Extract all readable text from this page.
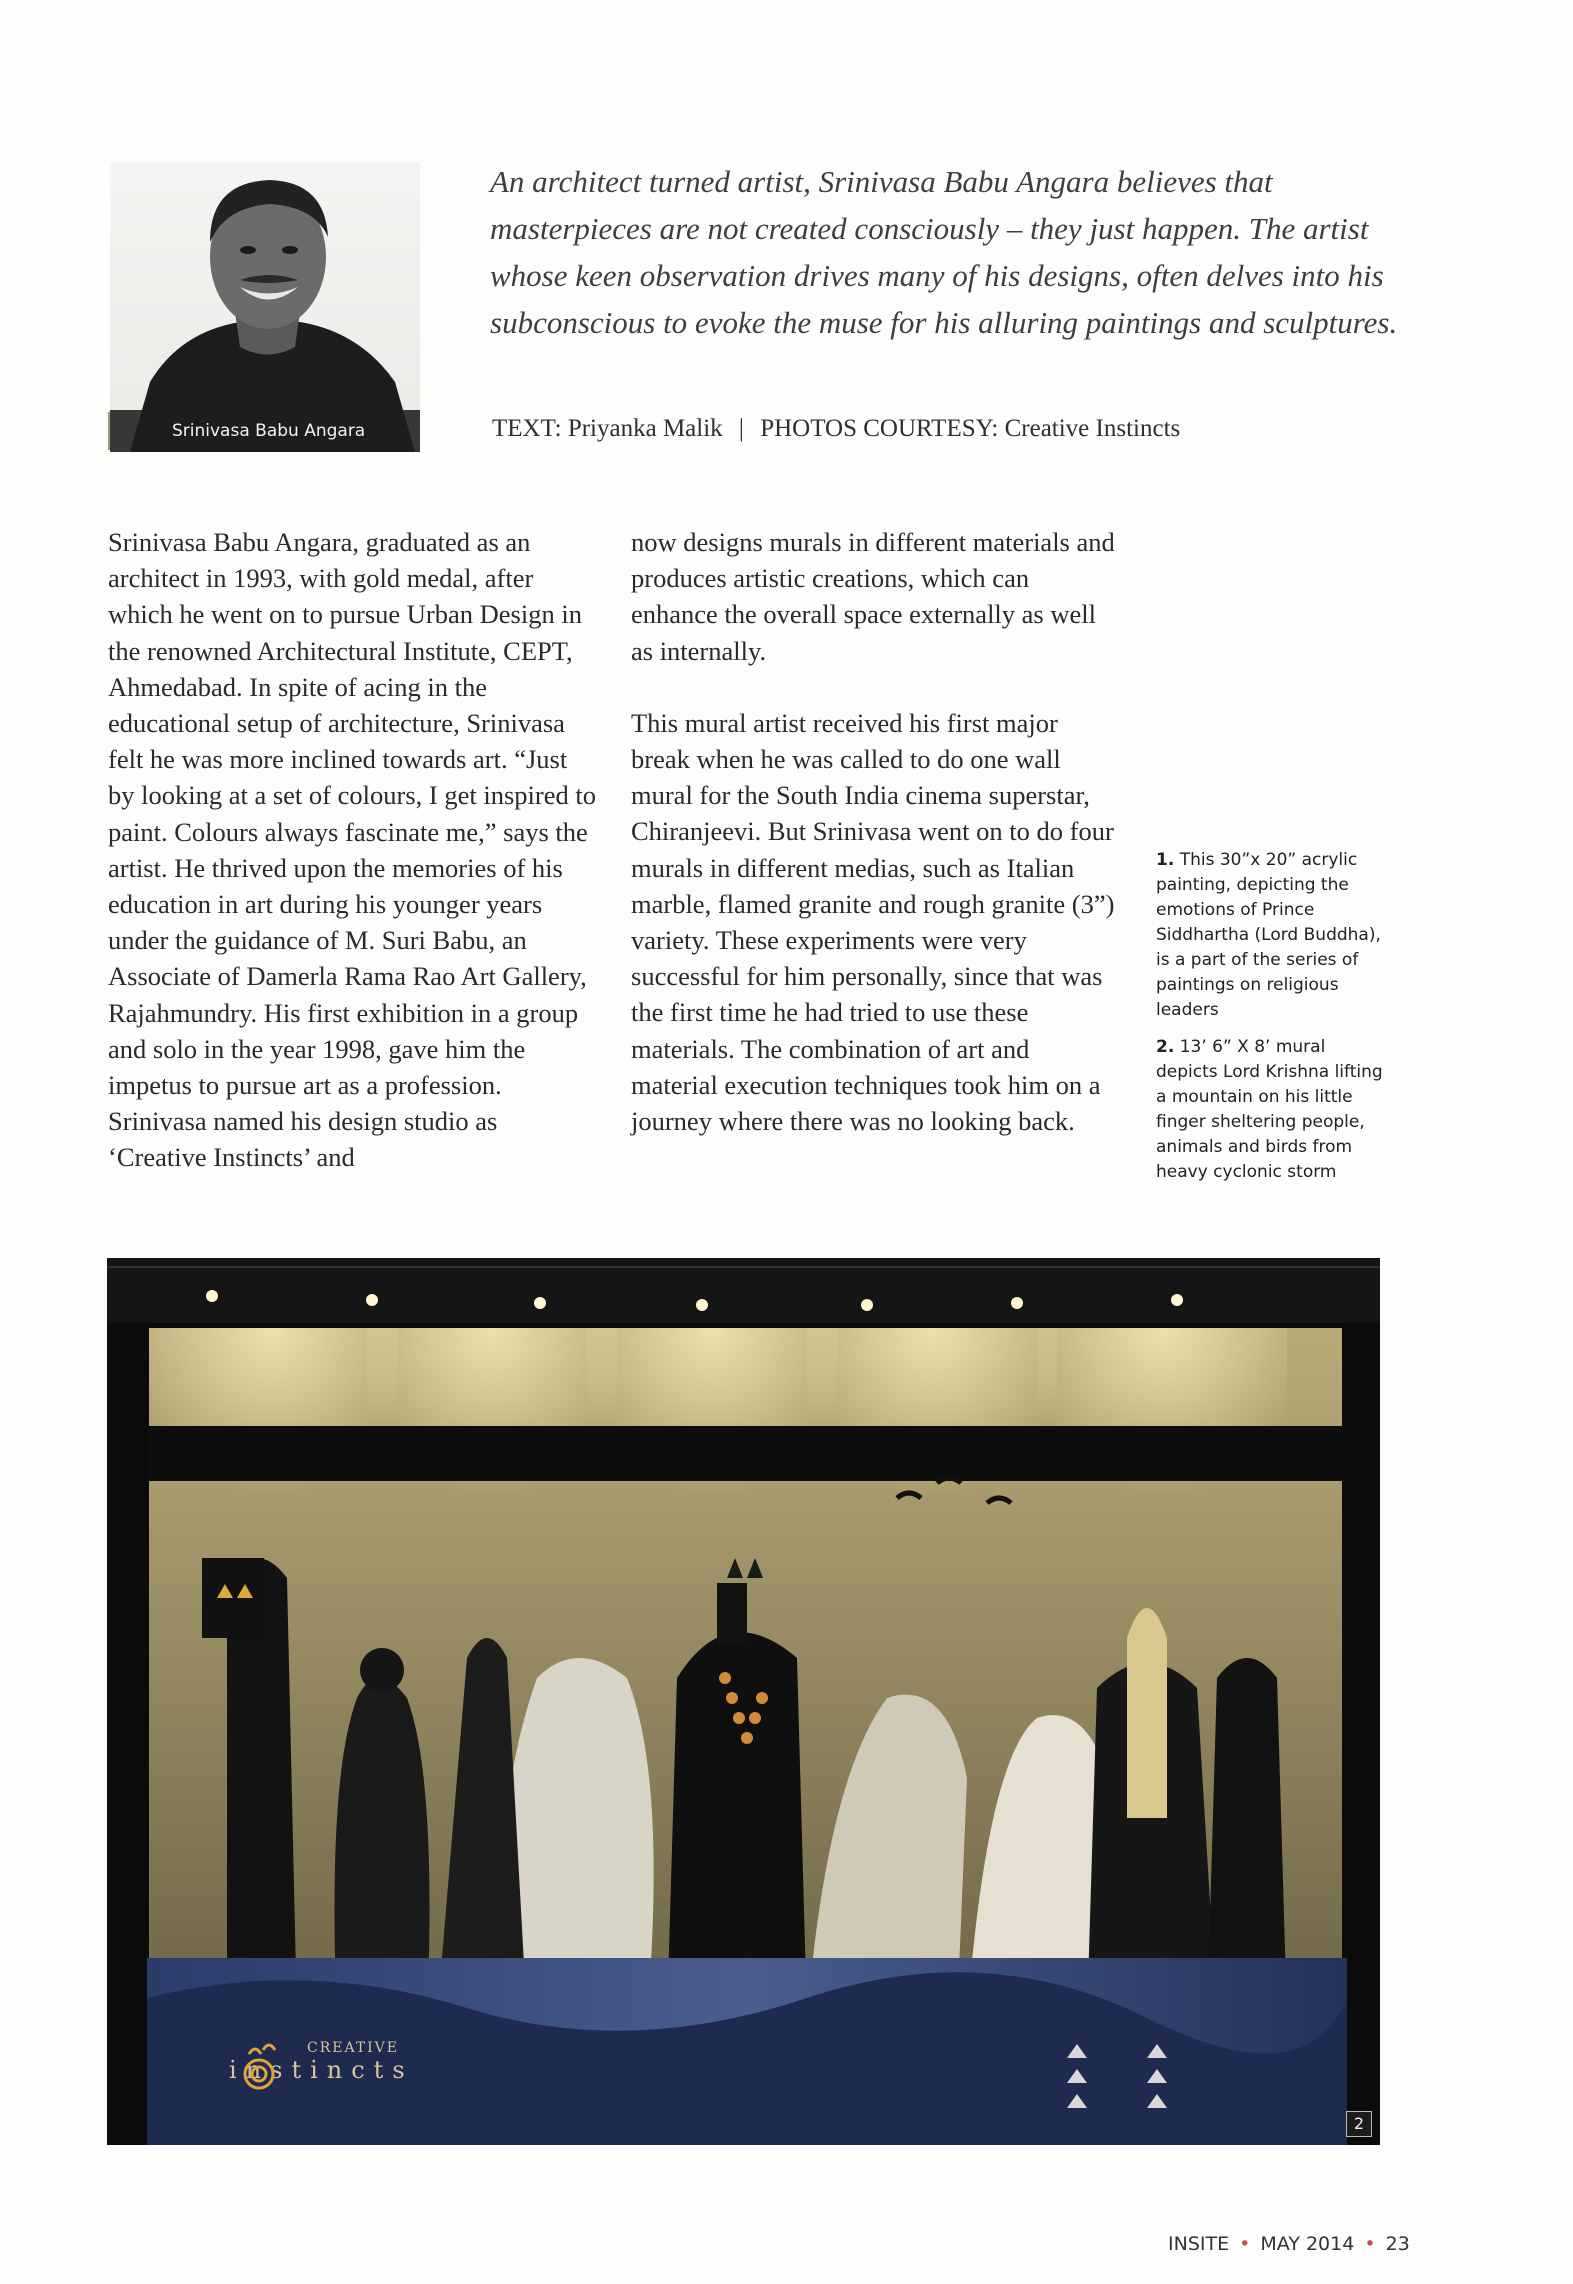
Srinivasa Babu Angara

An architect turned artist, Srinivasa Babu Angara believes that masterpieces are not created consciously – they just happen. The artist whose keen observation drives many of his designs, often delves into his subconscious to evoke the muse for his alluring paintings and sculptures.

TEXT: Priyanka Malik | PHOTOS COURTESY: Creative Instincts

Srinivasa Babu Angara, graduated as an architect in 1993, with gold medal, after which he went on to pursue Urban Design in the renowned Architectural Institute, CEPT, Ahmedabad. In spite of acing in the educational setup of architecture, Srinivasa felt he was more inclined towards art. “Just by looking at a set of colours, I get inspired to paint. Colours always fascinate me,” says the artist. He thrived upon the memories of his education in art during his younger years under the guidance of M. Suri Babu, an Associate of Damerla Rama Rao Art Gallery, Rajahmundry. His first exhibition in a group and solo in the year 1998, gave him the impetus to pursue art as a profession. Srinivasa named his design studio as ‘Creative Instincts’ and

now designs murals in different materials and produces artistic creations, which can enhance the overall space externally as well as internally.

This mural artist received his first major break when he was called to do one wall mural for the South India cinema superstar, Chiranjeevi. But Srinivasa went on to do four murals in different medias, such as Italian marble, flamed granite and rough granite (3”) variety. These experiments were very successful for him personally, since that was the first time he had tried to use these materials. The combination of art and material execution techniques took him on a journey where there was no looking back.

1. This 30”x 20” acrylic painting, depicting the emotions of Prince Siddhartha (Lord Buddha), is a part of the series of paintings on religious leaders

2. 13’ 6” X 8’ mural depicts Lord Krishna lifting a mountain on his little finger sheltering people, animals and birds from heavy cyclonic storm

CREATIVE
instincts
2
INSITE • MAY 2014 • 23
